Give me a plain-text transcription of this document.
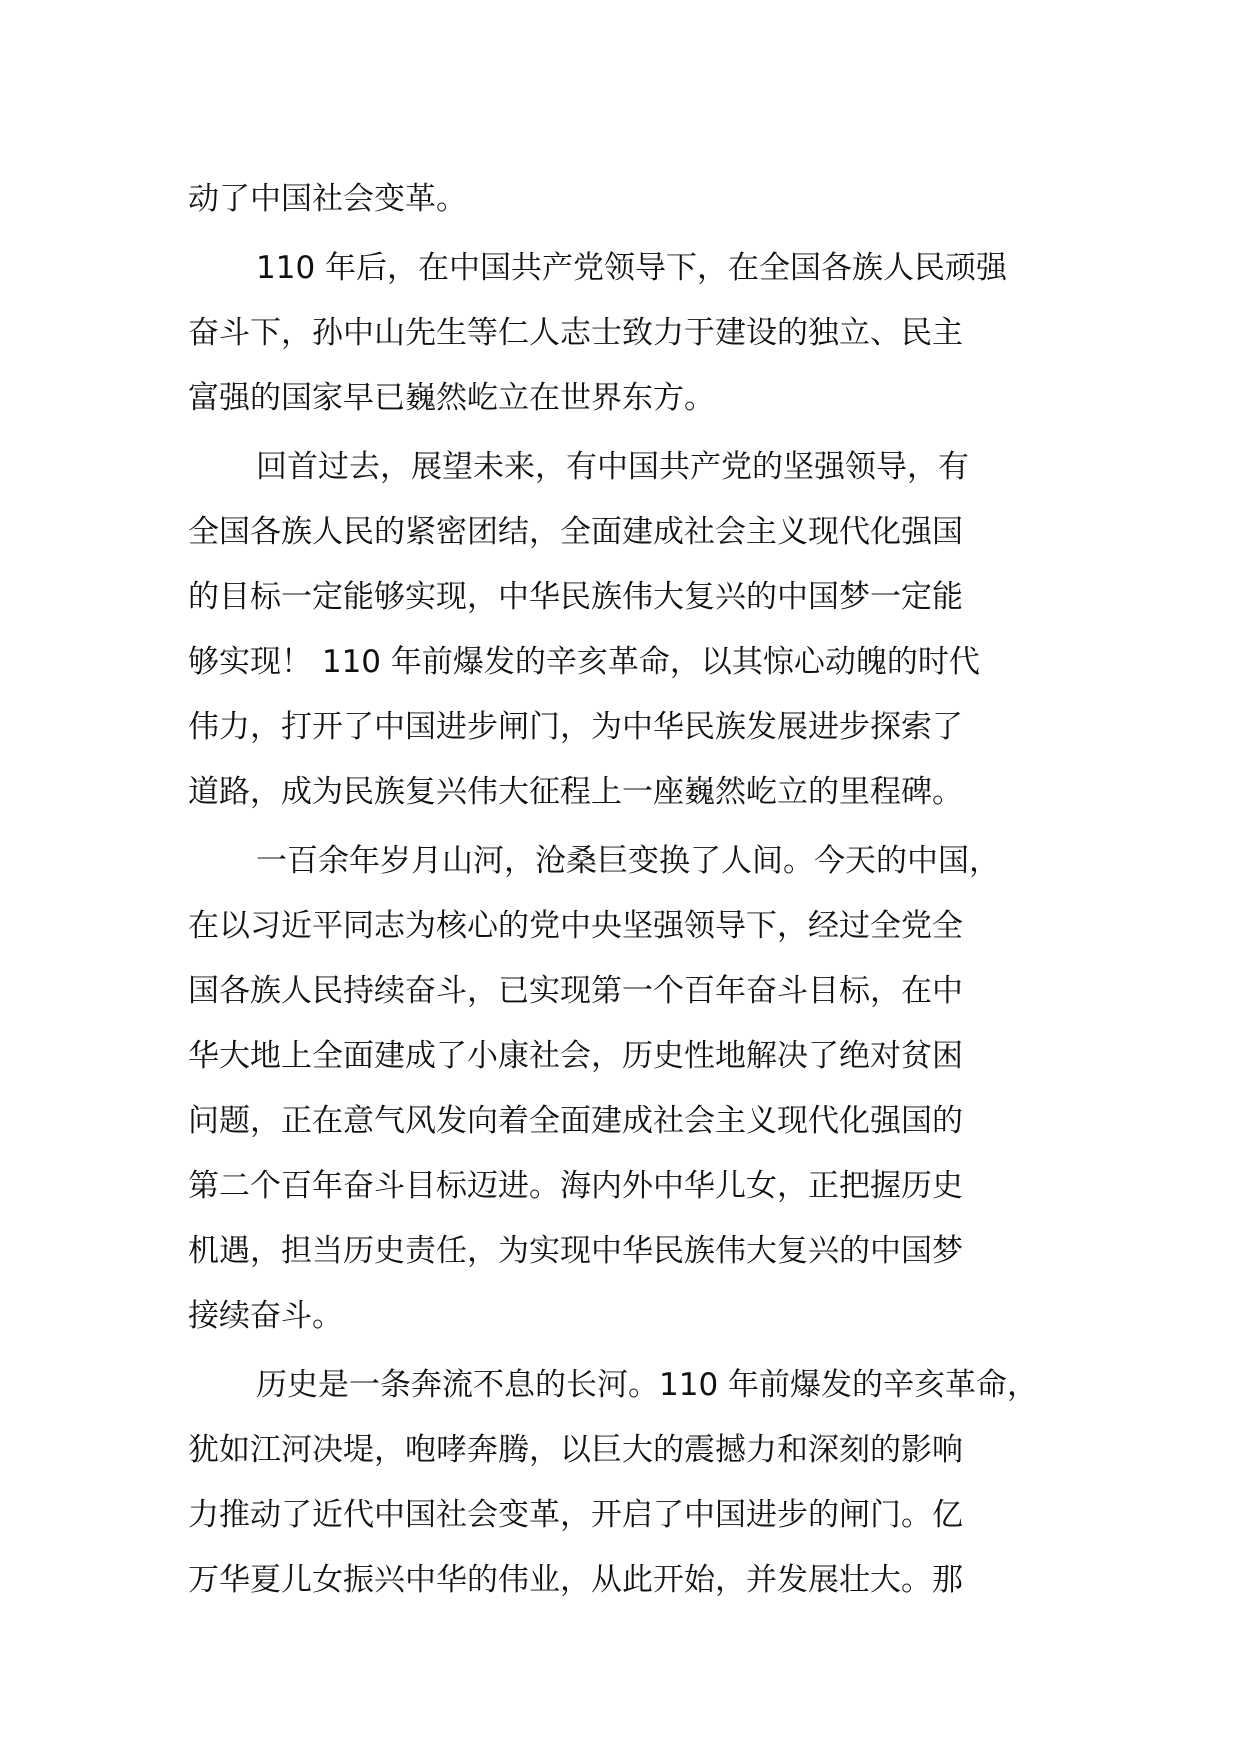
动了中国社会变革。

110 年后，在中国共产党领导下，在全国各族人民顽强
奋斗下，孙中山先生等仁人志士致力于建设的独立、民主
富强的国家早已巍然屹立在世界东方。

回首过去，展望未来，有中国共产党的坚强领导，有
全国各族人民的紧密团结，全面建成社会主义现代化强国
的目标一定能够实现，中华民族伟大复兴的中国梦一定能
够实现！ 110 年前爆发的辛亥革命，以其惊心动魄的时代
伟力，打开了中国进步闸门，为中华民族发展进步探索了
道路，成为民族复兴伟大征程上一座巍然屹立的里程碑。

一百余年岁月山河，沧桑巨变换了人间。今天的中国，
在以习近平同志为核心的党中央坚强领导下，经过全党全
国各族人民持续奋斗，已实现第一个百年奋斗目标，在中
华大地上全面建成了小康社会，历史性地解决了绝对贫困
问题，正在意气风发向着全面建成社会主义现代化强国的
第二个百年奋斗目标迈进。海内外中华儿女，正把握历史
机遇，担当历史责任，为实现中华民族伟大复兴的中国梦
接续奋斗。

历史是一条奔流不息的长河。110 年前爆发的辛亥革命，
犹如江河决堤，咆哮奔腾，以巨大的震撼力和深刻的影响
力推动了近代中国社会变革，开启了中国进步的闸门。亿
万华夏儿女振兴中华的伟业，从此开始，并发展壮大。那
